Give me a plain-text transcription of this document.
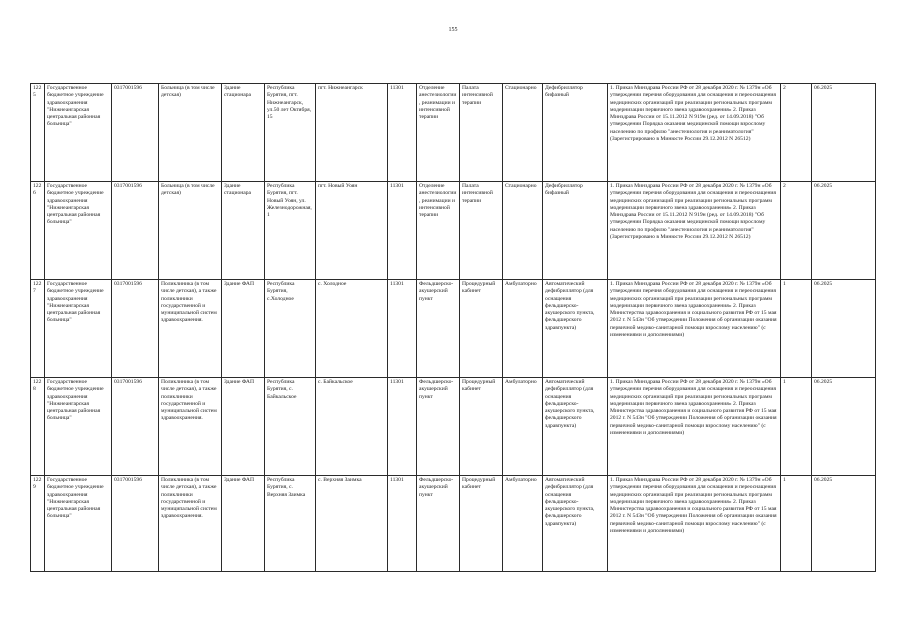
155
1225	Государственное бюджетное учреждение здравоохранения "Нижнеангарская центральная районная больница"	0317001596	Больница (в том числе детская)	Здание стационара	Республика Бурятия, пгт. Нижнеангарск, ул.50 лет Октября, 15	пгт. Нижнеангарск	11301	Отделение анестезиологии, реанимации и интенсивной терапии	Палата интенсивной терапии	Стационарно	Дефибриллятор бифазный	1. Приказ Минздрава России РФ от 28 декабря 2020 г. № 1379н «Об утверждении перечня оборудования для оснащения и переоснащения медицинских организаций при реализации региональных программ модернизации первичного звена здравоохранения» 2. Приказ Минздрава России от 15.11.2012 N 919н (ред. от 14.09.2018) "Об утверждении Порядка оказания медицинской помощи взрослому населению по профилю "анестезиология и реаниматология" (Зарегистрировано в Минюсте России 29.12.2012 N 26512)	2	06.2025
1226	Государственное бюджетное учреждение здравоохранения "Нижнеангарская центральная районная больница"	0317001596	Больница (в том числе детская)	Здание стационара	Республика Бурятия, пгт. Новый Уоян, ул. Железнодорожная, 1	пгт. Новый Уоян	11301	Отделение анестезиологии, реанимации и интенсивной терапии	Палата интенсивной терапии	Стационарно	Дефибриллятор бифазный	1. Приказ Минздрава России РФ от 28 декабря 2020 г. № 1379н «Об утверждении перечня оборудования для оснащения и переоснащения медицинских организаций при реализации региональных программ модернизации первичного звена здравоохранения» 2. Приказ Минздрава России от 15.11.2012 N 919н (ред. от 14.09.2018) "Об утверждении Порядка оказания медицинской помощи взрослому населению по профилю "анестезиология и реаниматология" (Зарегистрировано в Минюсте России 29.12.2012 N 26512)	2	06.2025
1227	Государственное бюджетное учреждение здравоохранения "Нижнеангарская центральная районная больница"	0317001596	Поликлиника (в том числе детская), а также поликлиники государственной и муниципальной систем здравоохранения.	Здание ФАП	Республика Бурятия, с.Холодное	с. Холодное	11301	Фельдшерско-акушерский пункт	Процедурный кабинет	Амбулаторно	Автоматический дефибриллятор (для оснащения фельдшерско-акушерского пункта, фельдшерского здравпункта)	1. Приказ Минздрава России РФ от 28 декабря 2020 г. № 1379н «Об утверждении перечня оборудования для оснащения и переоснащения медицинских организаций при реализации региональных программ модернизации первичного звена здравоохранения» 2. Приказ Министерства здравоохранения и социального развития РФ от 15 мая 2012 г. N 543н "Об утверждении Положения об организации оказания первичной медико-санитарной помощи взрослому населению" (с изменениями и дополнениями)	1	06.2025
1228	Государственное бюджетное учреждение здравоохранения "Нижнеангарская центральная районная больница"	0317001596	Поликлиника (в том числе детская), а также поликлиники государственной и муниципальной систем здравоохранения.	Здание ФАП	Республика Бурятия, с. Байкальское	с. Байкальское	11301	Фельдшерско-акушерский пункт	Процедурный кабинет	Амбулаторно	Автоматический дефибриллятор (для оснащения фельдшерско-акушерского пункта, фельдшерского здравпункта)	1. Приказ Минздрава России РФ от 28 декабря 2020 г. № 1379н «Об утверждении перечня оборудования для оснащения и переоснащения медицинских организаций при реализации региональных программ модернизации первичного звена здравоохранения» 2. Приказ Министерства здравоохранения и социального развития РФ от 15 мая 2012 г. N 543н "Об утверждении Положения об организации оказания первичной медико-санитарной помощи взрослому населению" (с изменениями и дополнениями)	1	06.2025
1229	Государственное бюджетное учреждение здравоохранения "Нижнеангарская центральная районная больница"	0317001596	Поликлиника (в том числе детская), а также поликлиники государственной и муниципальной систем здравоохранения.	Здание ФАП	Республика Бурятия, с. Верхняя Заимка	с. Верхняя Заимка	11301	Фельдшерско-акушерский пункт	Процедурный кабинет	Амбулаторно	Автоматический дефибриллятор (для оснащения фельдшерско-акушерского пункта, фельдшерского здравпункта)	1. Приказ Минздрава России РФ от 28 декабря 2020 г. № 1379н «Об утверждении перечня оборудования для оснащения и переоснащения медицинских организаций при реализации региональных программ модернизации первичного звена здравоохранения» 2. Приказ Министерства здравоохранения и социального развития РФ от 15 мая 2012 г. N 543н "Об утверждении Положения об организации оказания первичной медико-санитарной помощи взрослому населению" (с изменениями и дополнениями)	1	06.2025
